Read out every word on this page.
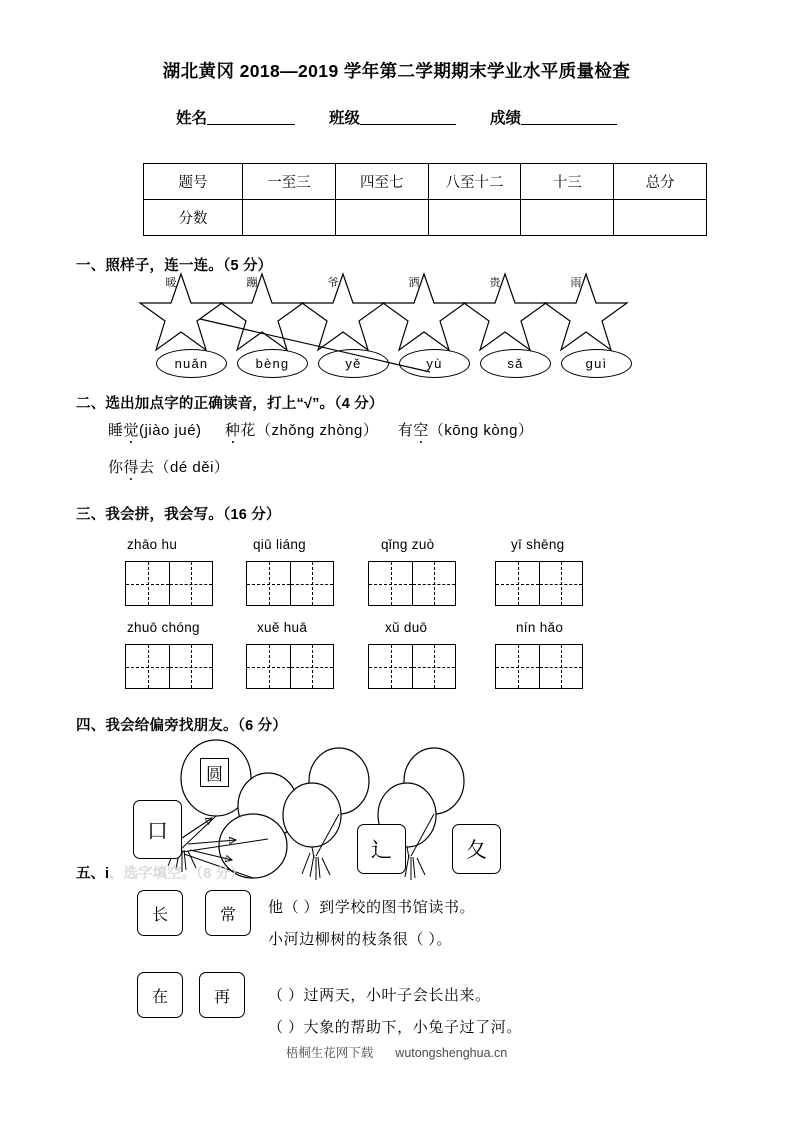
湖北黄冈 2018—2019 学年第二学期期末学业水平质量检查
姓名	班级	成绩
题号	一至三	四至七	八至十二	十三	总分
分数					
一、照样子，连一连。（5 分）
暖	蹦	爷	洒	贵	雨
nuǎn	bèng	yě	yù	sǎ	guì
二、选出加点字的正确读音，打上“√”。（4 分）
睡觉(jiào jué) 种花（zhǒng zhòng） 有空（kōng kòng）
你得去（dé děi）
三、我会拼，我会写。（16 分）
zhāo hu	qiū liáng	qǐng zuò	yī shēng
zhuō chóng	xuě huā	xǔ duō	nín hǎo
四、我会给偏旁找朋友。（6 分）
圆
口
辶	夂
五、i、选字填空。（8 分）
长	常	他（ ）到学校的图书馆读书。
小河边柳树的枝条很（ ）。
在	再	（ ）过两天，小叶子会长出来。
（ ）大象的帮助下，小兔子过了河。
梧桐生花网下载 wutongshenghua.cn
